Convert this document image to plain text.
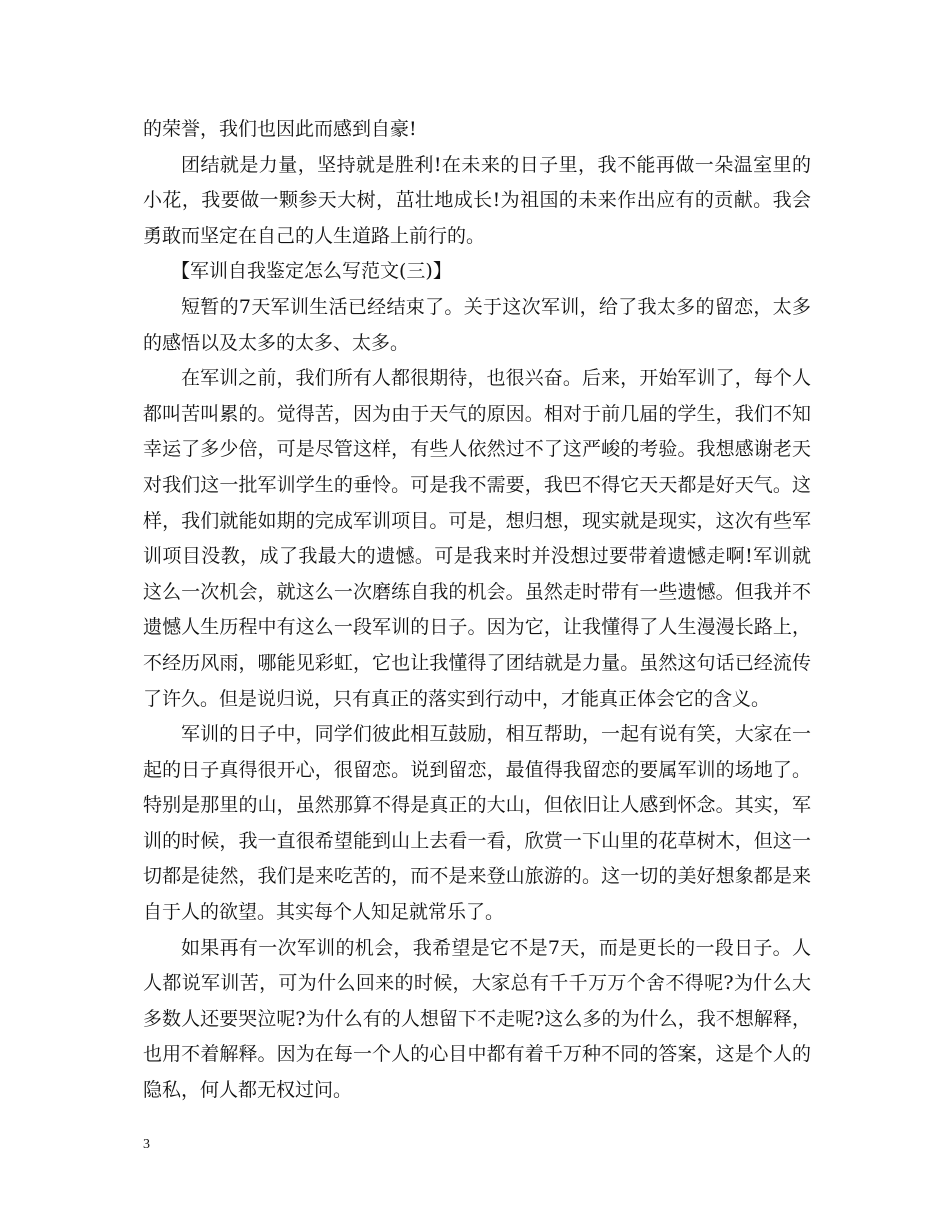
的荣誉，我们也因此而感到自豪!

团结就是力量，坚持就是胜利!在未来的日子里，我不能再做一朵温室里的小花，我要做一颗参天大树，茁壮地成长!为祖国的未来作出应有的贡献。我会勇敢而坚定在自己的人生道路上前行的。

【军训自我鉴定怎么写范文(三)】

短暂的7天军训生活已经结束了。关于这次军训，给了我太多的留恋，太多的感悟以及太多的太多、太多。

在军训之前，我们所有人都很期待，也很兴奋。后来，开始军训了，每个人都叫苦叫累的。觉得苦，因为由于天气的原因。相对于前几届的学生，我们不知幸运了多少倍，可是尽管这样，有些人依然过不了这严峻的考验。我想感谢老天对我们这一批军训学生的垂怜。可是我不需要，我巴不得它天天都是好天气。这样，我们就能如期的完成军训项目。可是，想归想，现实就是现实，这次有些军训项目没教，成了我最大的遗憾。可是我来时并没想过要带着遗憾走啊!军训就这么一次机会，就这么一次磨练自我的机会。虽然走时带有一些遗憾。但我并不遗憾人生历程中有这么一段军训的日子。因为它，让我懂得了人生漫漫长路上，不经历风雨，哪能见彩虹，它也让我懂得了团结就是力量。虽然这句话已经流传了许久。但是说归说，只有真正的落实到行动中，才能真正体会它的含义。

军训的日子中，同学们彼此相互鼓励，相互帮助，一起有说有笑，大家在一起的日子真得很开心，很留恋。说到留恋，最值得我留恋的要属军训的场地了。特别是那里的山，虽然那算不得是真正的大山，但依旧让人感到怀念。其实，军训的时候，我一直很希望能到山上去看一看，欣赏一下山里的花草树木，但这一切都是徒然，我们是来吃苦的，而不是来登山旅游的。这一切的美好想象都是来自于人的欲望。其实每个人知足就常乐了。

如果再有一次军训的机会，我希望是它不是7天，而是更长的一段日子。人人都说军训苦，可为什么回来的时候，大家总有千千万万个舍不得呢?为什么大多数人还要哭泣呢?为什么有的人想留下不走呢?这么多的为什么，我不想解释，也用不着解释。因为在每一个人的心目中都有着千万种不同的答案，这是个人的隐私，何人都无权过问。

3
